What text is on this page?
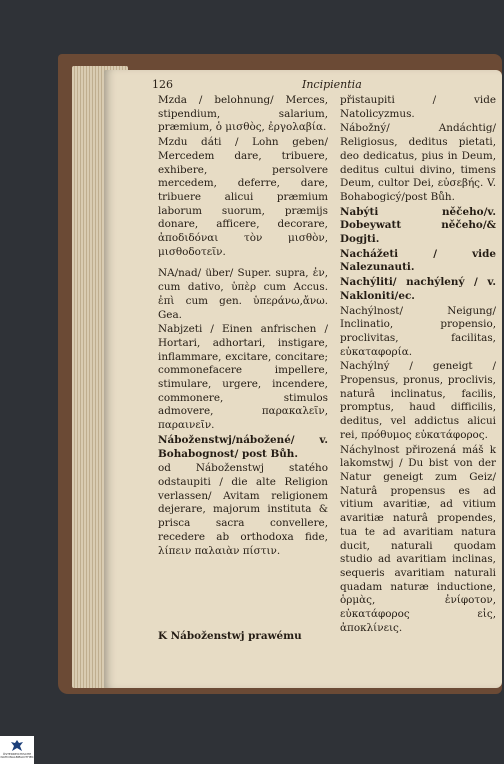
126	Incipientia

Mzda / belohnung/ Merces, stipendium, salarium, præmium, ὁ μισθὸς, ἐργολαβία.

Mzdu dáti / Lohn geben/ Mercedem dare, tribuere, exhibere, persolvere mercedem, deferre, dare, tribuere alicui præmium laborum suorum, præmijs donare, afficere, decorare, ἀποδιδόναι τὸν μισθὸν, μισθοδοτεῖν.

NA/nad/ über/ Super. supra, ἐν, cum dativo, ὑπὲρ cum Accus. ἐπὶ cum gen. ὑπεράνω,ἄνω. Gea.

Nabjzeti / Einen anfrischen / Hortari, adhortari, instigare, inflammare, excitare, concitare; commonefacere impellere, stimulare, urgere, incendere, commonere, stimulos admovere, παρακαλεῖν, παραινεῖν.

Náboženstwj/nábožené/ v. Bohabognost/ post Bůh.

od Náboženstwj statého odstaupiti / die alte Religion verlassen/ Avitam religionem dejerare, majorum instituta & prisca sacra convellere, recedere ab orthodoxa fide, λίπειν παλαιὰν πίστιν.

přistaupiti / vide Natolicyzmus.

Nábožný/ Andáchtig/ Religiosus, deditus pietati, deo dedicatus, pius in Deum, deditus cultui divino, timens Deum, cultor Dei, εὐσεβής. V. Bohabogicý/post Bůh.

Nabýti něčeho/v. Dobeywatt něčeho/& Dogjti.

Nachážeti / vide Nalezunauti.

Nachýliti/ nachýlený / v. Nakloniti/ec.

Nachýlnost/ Neigung/ Inclinatio, propensio, proclivitas, facilitas, εὐκαταφορία.

Nachýlný / geneigt / Propensus, pronus, proclivis, naturâ inclinatus, facilis, promptus, haud difficilis, deditus, vel addictus alicui rei, πρόθυμος εὐκατάφορος.

Náchylnost přirozená máš k lakomstwj / Du bist von der Natur geneigt zum Geiz/ Naturâ propensus es ad vitium avaritiæ, ad vitium avaritiæ naturâ propendes, tua te ad avaritiam natura ducit, naturali quodam studio ad avaritiam inclinas, sequeris avaritiam naturali quadam naturæ inductione, ὁρμὰς, ἐνίφοτον, εὐκατάφορος εἰς, ἀποκλίνεις.

K Náboženstwj prawému
ÖSTERREICHISCHE NATIONALBIBLIOTHEK
